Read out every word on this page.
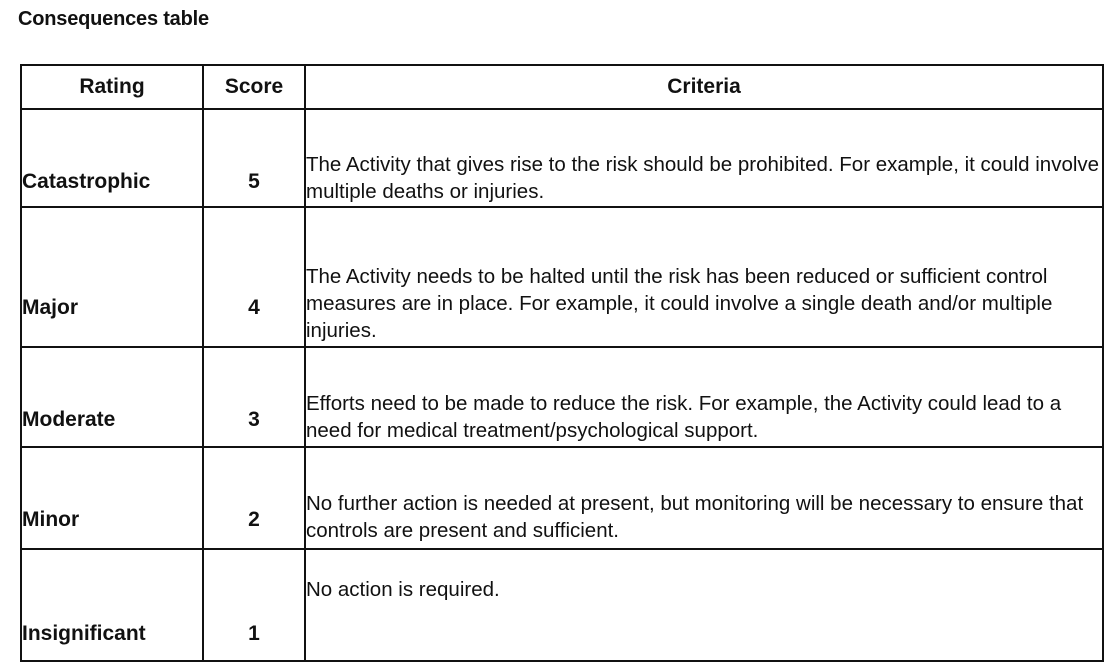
Consequences table
Rating	Score	Criteria
Catastrophic	5	The Activity that gives rise to the risk should be prohibited. For example, it could involve multiple deaths or injuries.
Major	4	The Activity needs to be halted until the risk has been reduced or sufficient control measures are in place. For example, it could involve a single death and/or multiple injuries.
Moderate	3	Efforts need to be made to reduce the risk. For example, the Activity could lead to a need for medical treatment/psychological support.
Minor	2	No further action is needed at present, but monitoring will be necessary to ensure that controls are present and sufficient.
Insignificant	1	No action is required.
